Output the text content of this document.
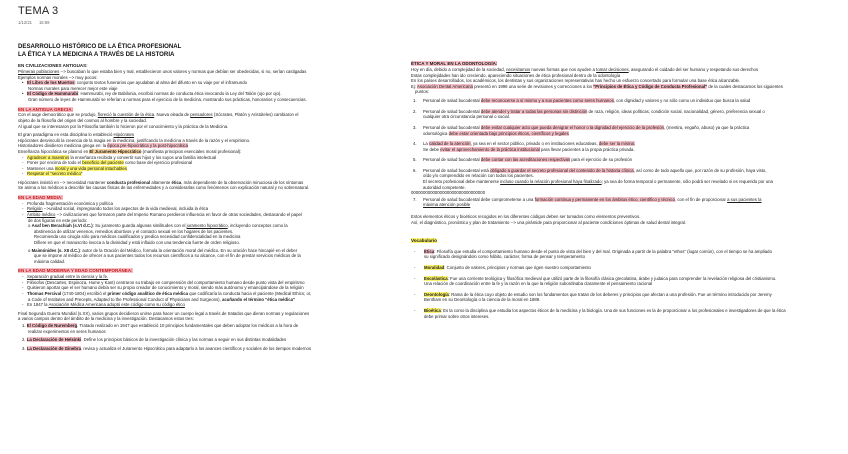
TEMA 3
1/12/21 15:59
DESARROLLO HISTÓRICO DE LA ÉTICA PROFESIONAL
LA ÉTICA Y LA MEDICINA A TRAVÉS DE LA HISTORIA
EN CIVILIZACIONES ANTIGUAS:
Primeras poblaciones --> buscaban lo que estaba bien y mal, establecieron unos valores y normas que debían ser obedecidas, si no, serían castigadas
Ejemplos normas morales --> muy pocos:
• El Libro de los Muertos: conjunto textos funerarios que ayudaban al alma del difunto en su viaje por el inframundo
Normas morales para merecer mejor este viaje
• El Código de Hammurabi: Hammurabi, rey de Babilonia, escribió normas de conducta ética invocando la Ley del Talión (ojo por ojo).
Gran número de leyes de Hammurabi se referían a normas para el ejercicio de la medicina, mostrando sus prácticas, honorarios y consecuencias.
EN LA ANTIGUA GRECIA:
Con el auge democrático que se produjo, floreció la cuestión de la ética. Nueva oleada de pensadores (Sócrates, Platón y Aristóteles) cambiaron el
objeto de la filosofía del origen del cosmos al hombre y la sociedad.
Al igual que se interesaron por la Filosofía también lo hicieron por el conocimiento y la práctica de la Medicina.
El gran paradigma en esta disciplina lo estableció Hipócrates
Hipócrates desvinculó la creencia de la magia en la medicina, justificando la medicina a través de la razón y el empirismo.
Historiadores dividieron medicina griega en: la época pre-hipocrática y la post-hipocrática
Enseñanza hipocrática se plasmó en El Juramento Hipocrático (manifiesta principios esenciales moral profesional):
- Agradecer a maestros la enseñanza recibida y convertir sus hijos y los suyos una familia intelectual
- Poner por encima de todo el beneficio del paciente como base del ejercicio profesional
- Mantener una moral y una vida personal intachables
- Respetar el "secreto médico"
Hipócrates insistió en --> necesidad mantener conducta profesional altamente ética, más dependiente de la observación minuciosa de los síntomas
Se anima a los médicos a describir las causas físicas de las enfermedades y a considerarlas como fenómenos con explicación natural y no sobrenatural.
EN LA EDAD MEDIA:
- Profunda fragmentación económica y política
- Religión -->unidad social, impregnando todos los aspectos de la vida medieval, incluida la ética
- Ámbito médico --> civilizaciones que formaron parte del Imperio Romano perdieron influencia en favor de otras sociedades, destacando el papel
de dos figuras en este período:
o Asaf ben Berachiah (s.VI d.C.): Su juramento guarda algunas similitudes con el juramento hipocrático, incluyendo conceptos como la
abstinencia de utilizar venenos, remedios abortivos y el contacto sexual en los hogares de los pacientes.
Recomienda uso cirugía sólo para médicos cualificados y predica necesidad confidencialidad en la medicina
Difiere en que el manuscrito invoca a la divinidad y está influido con una tendencia fuerte de orden religioso.
o Maimónides (s. XII d.C.): autor de la Oración del Médico, formula la orientación moral del médico. En su oración hace hincapié en el deber
que se impone al médico de ofrecer a sus pacientes todos los recursos científicos a su alcance, con el fin de prestar servicios médicos de la
máxima calidad.
EN LA EDAD MODERNA Y EDAD CONTEMPORÁNEA:
- Separación gradual entre la ciencia y la fe.
- Filósofos (Descartes, Espinoza, Hume y Kant) centraron su trabajo en comprensión del comportamiento humano desde punto vista del empirismo
- Quisieron aportar que el ser humano debía ser su propio creador de conocimiento y moral, siendo más autónomo y emancipándose de la religión
- Thomas Percival (1740-1804) escribió el primer código analítico de ética médica que codificaría la conducta hacia el paciente (Medical Ethics; or,
a Code of Institutes and Precepts, Adapted to the Professional Conduct of Physicians and Surgeons), acuñando el término "ética médica"
- En 1847 la Asociación Médica Americana adoptó este código como su código ético
Final Segunda Guerra Mundial (s.XX), varios grupos decidieron unirse para hacer un cuerpo legal a través de tratados que dieran normas y regulaciones
a varios campos dentro del ámbito de la medicina y la investigación. Destacamos estos tres:
1. El Código de Nuremberg. Tratado realizado en 1947 que estableció 10 principios fundamentales que deben adoptar los médicos a la hora de
realizar experimentos en seres humanos
2. La Declaración de Helsinki. Define los principios básicos de la investigación clínica y las normas a seguir en sus distintas modalidades
3. La Declaración de Ginebra. revisa y actualiza el Juramento Hipocrático para adaptarlo a los avances científicos y sociales de los tiempos modernos
ÉTICA Y MORAL EN LA ODONTOLOGÍA:
Hoy en día, debido a complejidad de la sociedad, necesitamos nuevas formas que nos ayuden a tomar decisiones, asegurando el cuidado del ser humano y respetando sus derechos
Estas complejidades han ido creciendo, apareciendo situaciones de ética profesional dentro de la odontología
En los países desarrollados, los académicos, los dentistas y sus organizaciones representativas han hecho un esfuerzo concertado para formular una base ética alcanzable.
Ej: Asociación Dental Americana presentó en 1996 una serie de revisiones y correcciones a los "Principios de Ética y Código de Conducta Profesional" de la cuales destacamos los siguientes
puntos:
1.	Personal de salud bucodental debe reconocerse a sí mismo y a sus pacientes como seres humanos, con dignidad y valores y no sólo como un individuo que busca la salud
2.	Personal de salud bucodental debe atender y tratar a todas las personas sin distinción de raza, religión, ideas políticas, condición social, nacionalidad, género, preferencia sexual o
cualquier otra circunstancia personal o social.
3.	Personal de salud bucodental debe evitar cualquier acto que pueda denigrar el honor o la dignidad del ejercicio de la profesión, (mentira, engaño, abuso) ya que la práctica
odontológica debe estar orientada bajo principios éticos, científicos y legales
4.	La calidad de la atención, ya sea en el sector público, privado o en instituciones educativas, debe ser la misma.
Se debe evitar el aprovechamiento de la práctica institucional para llevar pacientes a la propia práctica privada.
5.	Personal de salud bucodental debe contar con las acreditaciones respectivas para el ejercicio de su profesión
6.	Personal de salud bucodental está obligado a guardar el secreto profesional del contenido de la historia clínica, así como de todo aquello que, por razón de su profesión, haya visto,
oído y/o comprendido en relación con todos los pacientes.
El secreto profesional debe mantenerse incluso cuando la relación profesional haya finalizado; ya sea de forma temporal o permanente, sólo podrá ser revelado si es requerido por una
autoridad competente.
0000000000000000000000000000000
7.	Personal de salud bucodental debe comprometerse a una formación continua y permanente en los ámbitos ético, científico y técnico, con el fin de proporcionar a sus pacientes la
máxima atención posible
Estos elementos éticos y bioéticos recogidos en los diferentes códigos deben ser tomados como elementos preventivos.
Así, el diagnóstico, pronóstico y plan de tratamiento --> una pirámide para proporcionar al paciente condiciones óptimas de salud dental integral.
Vocabulario
-	Ética: Filosofía que estudia el comportamiento humano desde el punto de vista del bien y del mal. Originada a partir de la palabra "ethos" (lugar común), con el tiempo se ha ampliado
su significado designándolo como hábito, carácter, forma de pensar y temperamento
-	Moralidad: Conjunto de valores, principios y normas que rigen nuestro comportamiento
-	Escolástica: Fue una corriente teológica y filosófica medieval que utilizó parte de la filosofía clásica grecolatina, árabe y judaica para comprender la revelación religiosa del cristianismo.
Una relación de coordinación entre la fe y la razón en la que la religión subordinaba claramente el pensamiento racional
-	Deontología: Rama de la ética cuyo objeto de estudio son los fundamentos que tratan de los deberes y principios que afectan a una profesión. Fue un término introducido por Jeremy
Bentham en su Deontología o la ciencia de la moral en 1889.
-	Bioética: Es la como la disciplina que estudia los aspectos éticos de la medicina y la biología. Una de sus funciones es la de proporcionar a los profesionales e investigadores de que la ética
debe primar sobre otros intereses.
